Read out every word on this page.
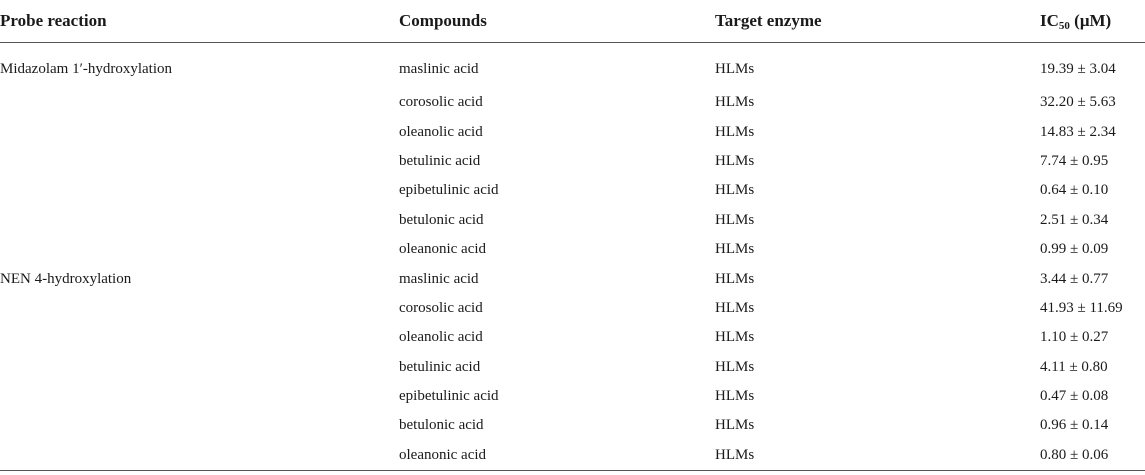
Probe reaction	Compounds	Target enzyme	$IC_{50}$ (μM)
Midazolam 1′-hydroxylation	maslinic acid	HLMs	19.39 ± 3.04
	corosolic acid	HLMs	32.20 ± 5.63
	oleanolic acid	HLMs	14.83 ± 2.34
	betulinic acid	HLMs	7.74 ± 0.95
	epibetulinic acid	HLMs	0.64 ± 0.10
	betulonic acid	HLMs	2.51 ± 0.34
	oleanonic acid	HLMs	0.99 ± 0.09
NEN 4-hydroxylation	maslinic acid	HLMs	3.44 ± 0.77
	corosolic acid	HLMs	41.93 ± 11.69
	oleanolic acid	HLMs	1.10 ± 0.27
	betulinic acid	HLMs	4.11 ± 0.80
	epibetulinic acid	HLMs	0.47 ± 0.08
	betulonic acid	HLMs	0.96 ± 0.14
	oleanonic acid	HLMs	0.80 ± 0.06
